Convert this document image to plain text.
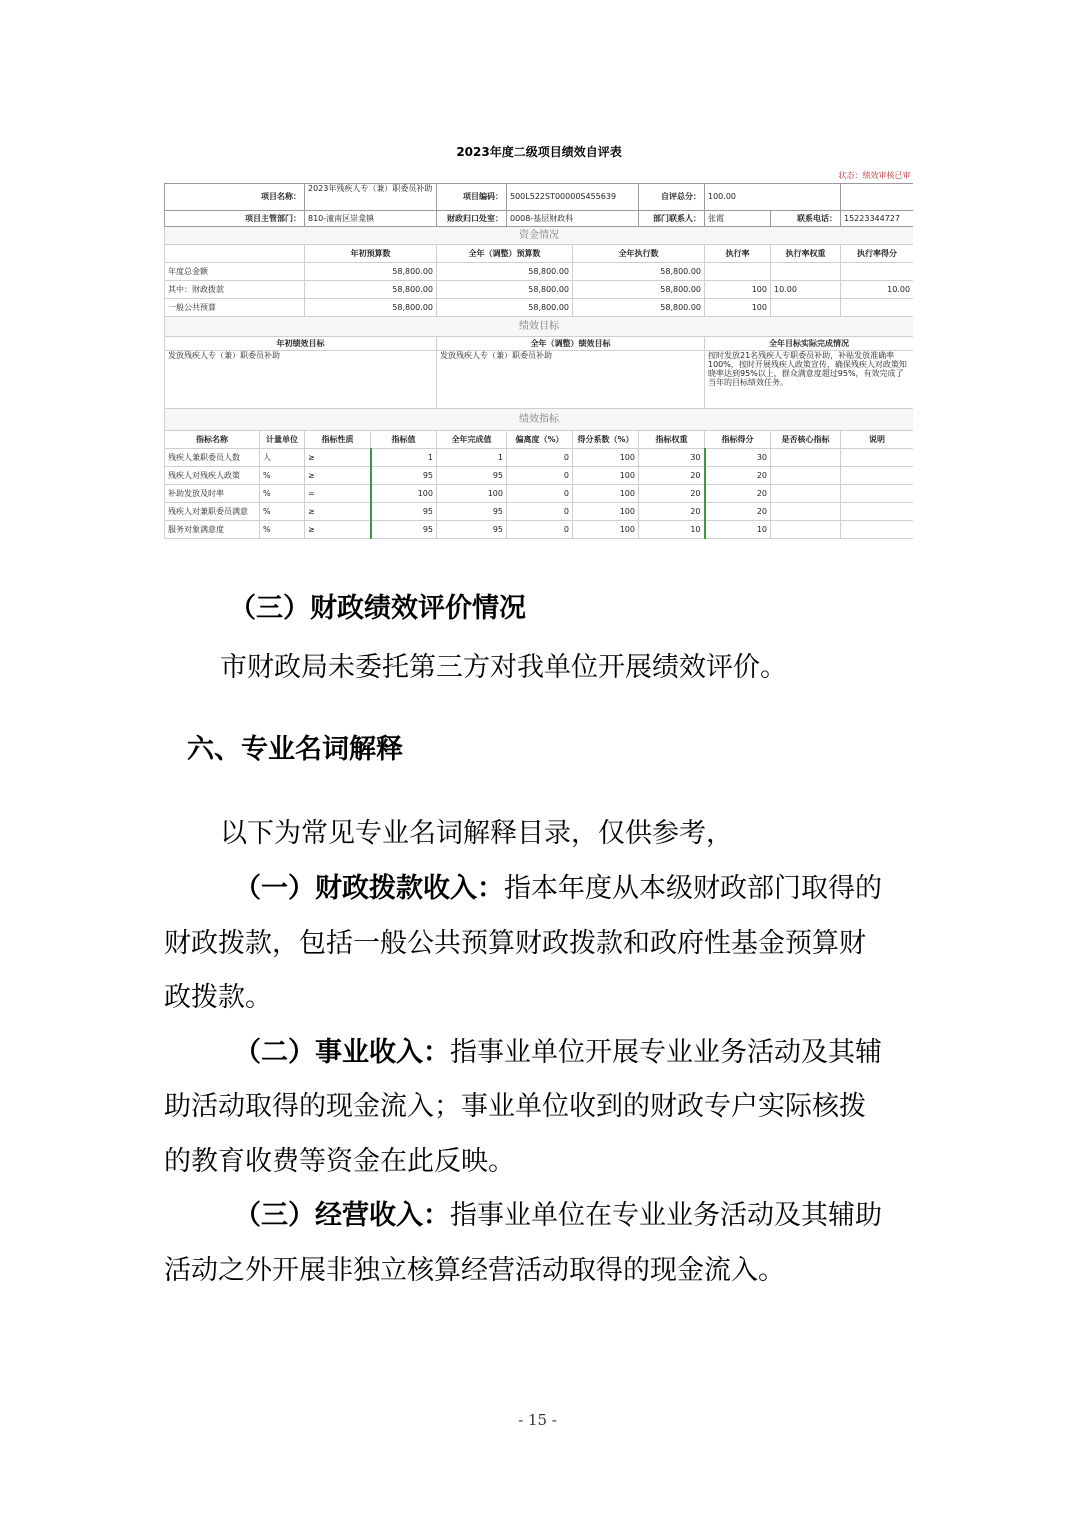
2023年度二级项目绩效自评表										
状态：绩效审核已审										
项目名称：		2023年残疾人专（兼）职委员补助		项目编码：	500L522ST00000S455639		自评总分：	100.00		
项目主管部门：		810-潼南区崇龛镇		财政归口处室：	0008-基层财政科		部门联系人：	张霞	联系电话：	15223344727
资金情况										
		年初预算数		全年（调整）预算数		全年执行数		执行率	执行率权重	执行率得分
年度总金额		58,800.00		58,800.00		58,800.00				
其中：财政拨款		58,800.00		58,800.00		58,800.00		100	10.00	10.00
一般公共预算		58,800.00		58,800.00		58,800.00		100		
绩效目标										
年初绩效目标				全年（调整）绩效目标				全年目标实际完成情况		
发放残疾人专（兼）职委员补助				发放残疾人专（兼）职委员补助				按时发放21名残疾人专职委员补助，补贴发放准确率100%，按时开展残疾人政策宣传，确保残疾人对政策知晓率达到95%以上，群众满意度超过95%，有效完成了当年的目标绩效任务。		
绩效指标										
指标名称	计量单位	指标性质	指标值	全年完成值	偏离度（%）	得分系数（%）	指标权重	指标得分	是否核心指标	说明
残疾人兼职委员人数	人	≥	1	1	0	100	30	30		
残疾人对残疾人政策	%	≥	95	95	0	100	20	20		
补助发放及时率	%	=	100	100	0	100	20	20		
残疾人对兼职委员满意	%	≥	95	95	0	100	20	20		
服务对象满意度	%	≥	95	95	0	100	10	10		
（三）财政绩效评价情况
市财政局未委托第三方对我单位开展绩效评价。
六、专业名词解释
以下为常见专业名词解释目录，仅供参考，
（一）财政拨款收入：指本年度从本级财政部门取得的
财政拨款，包括一般公共预算财政拨款和政府性基金预算财
政拨款。
（二）事业收入：指事业单位开展专业业务活动及其辅
助活动取得的现金流入；事业单位收到的财政专户实际核拨
的教育收费等资金在此反映。
（三）经营收入：指事业单位在专业业务活动及其辅助
活动之外开展非独立核算经营活动取得的现金流入。
- 15 -
